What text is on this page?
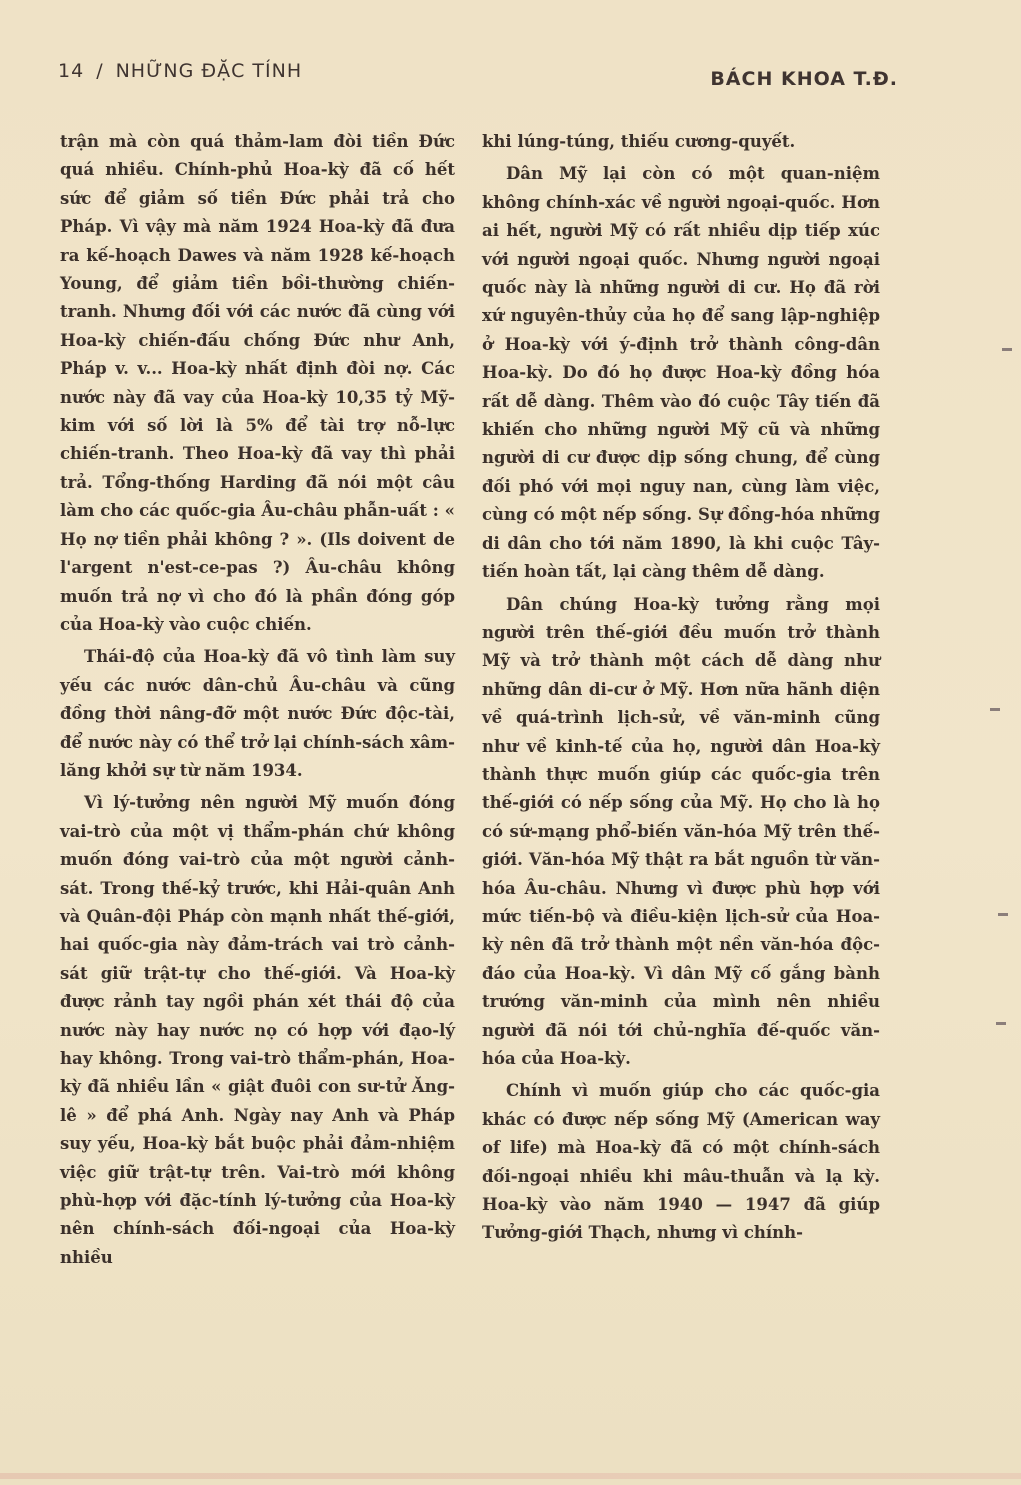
14 / NHỮNG ĐẶC TÍNH	BÁCH KHOA T.Đ.

trận mà còn quá thảm-lam đòi tiền Đức quá nhiều. Chính-phủ Hoa-kỳ đã cố hết sức để giảm số tiền Đức phải trả cho Pháp. Vì vậy mà năm 1924 Hoa-kỳ đã đưa ra kế-hoạch Dawes và năm 1928 kế-hoạch Young, để giảm tiền bồi-thường chiến-tranh. Nhưng đối với các nước đã cùng với Hoa-kỳ chiến-đấu chống Đức như Anh, Pháp v. v... Hoa-kỳ nhất định đòi nợ. Các nước này đã vay của Hoa-kỳ 10,35 tỷ Mỹ-kim với số lời là 5% để tài trợ nỗ-lực chiến-tranh. Theo Hoa-kỳ đã vay thì phải trả. Tổng-thống Harding đã nói một câu làm cho các quốc-gia Âu-châu phẫn-uất : « Họ nợ tiền phải không ? ». (Ils doivent de l'argent n'est-ce-pas ?) Âu-châu không muốn trả nợ vì cho đó là phần đóng góp của Hoa-kỳ vào cuộc chiến.

Thái-độ của Hoa-kỳ đã vô tình làm suy yếu các nước dân-chủ Âu-châu và cũng đồng thời nâng-đỡ một nước Đức độc-tài, để nước này có thể trở lại chính-sách xâm-lăng khởi sự từ năm 1934.

Vì lý-tưởng nên người Mỹ muốn đóng vai-trò của một vị thẩm-phán chứ không muốn đóng vai-trò của một người cảnh-sát. Trong thế-kỷ trước, khi Hải-quân Anh và Quân-đội Pháp còn mạnh nhất thế-giới, hai quốc-gia này đảm-trách vai trò cảnh-sát giữ trật-tự cho thế-giới. Và Hoa-kỳ được rảnh tay ngồi phán xét thái độ của nước này hay nước nọ có hợp với đạo-lý hay không. Trong vai-trò thẩm-phán, Hoa-kỳ đã nhiều lần « giật đuôi con sư-tử Ăng-lê » để phá Anh. Ngày nay Anh và Pháp suy yếu, Hoa-kỳ bắt buộc phải đảm-nhiệm việc giữ trật-tự trên. Vai-trò mới không phù-hợp với đặc-tính lý-tưởng của Hoa-kỳ nên chính-sách đối-ngoại của Hoa-kỳ nhiều

khi lúng-túng, thiếu cương-quyết.

Dân Mỹ lại còn có một quan-niệm không chính-xác về người ngoại-quốc. Hơn ai hết, người Mỹ có rất nhiều dịp tiếp xúc với người ngoại quốc. Nhưng người ngoại quốc này là những người di cư. Họ đã rời xứ nguyên-thủy của họ để sang lập-nghiệp ở Hoa-kỳ với ý-định trở thành công-dân Hoa-kỳ. Do đó họ được Hoa-kỳ đồng hóa rất dễ dàng. Thêm vào đó cuộc Tây tiến đã khiến cho những người Mỹ cũ và những người di cư được dịp sống chung, để cùng đối phó với mọi nguy nan, cùng làm việc, cùng có một nếp sống. Sự đồng-hóa những di dân cho tới năm 1890, là khi cuộc Tây-tiến hoàn tất, lại càng thêm dễ dàng.

Dân chúng Hoa-kỳ tưởng rằng mọi người trên thế-giới đều muốn trở thành Mỹ và trở thành một cách dễ dàng như những dân di-cư ở Mỹ. Hơn nữa hãnh diện về quá-trình lịch-sử, về văn-minh cũng như về kinh-tế của họ, người dân Hoa-kỳ thành thực muốn giúp các quốc-gia trên thế-giới có nếp sống của Mỹ. Họ cho là họ có sứ-mạng phổ-biến văn-hóa Mỹ trên thế-giới. Văn-hóa Mỹ thật ra bắt nguồn từ văn-hóa Âu-châu. Nhưng vì được phù hợp với mức tiến-bộ và điều-kiện lịch-sử của Hoa-kỳ nên đã trở thành một nền văn-hóa độc-đáo của Hoa-kỳ. Vì dân Mỹ cố gắng bành trướng văn-minh của mình nên nhiều người đã nói tới chủ-nghĩa đế-quốc văn-hóa của Hoa-kỳ.

Chính vì muốn giúp cho các quốc-gia khác có được nếp sống Mỹ (American way of life) mà Hoa-kỳ đã có một chính-sách đối-ngoại nhiều khi mâu-thuẫn và lạ kỳ. Hoa-kỳ vào năm 1940 — 1947 đã giúp Tưởng-giới Thạch, nhưng vì chính-
